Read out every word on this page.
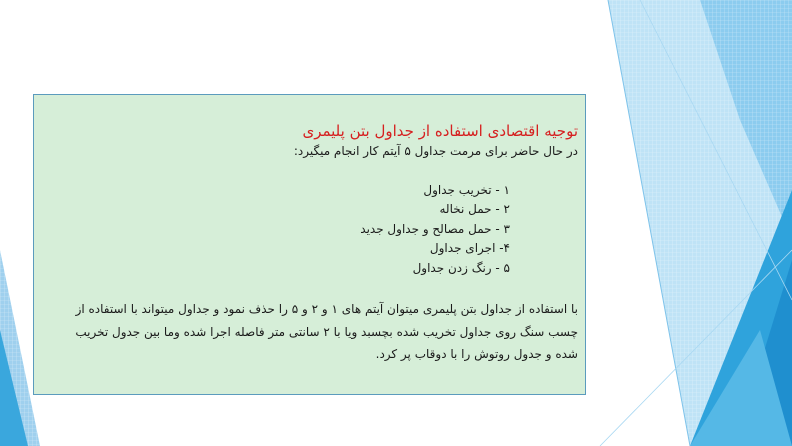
توجیه اقتصادی استفاده از جداول بتن پلیمری
در حال حاضر برای مرمت جداول ۵ آیتم کار انجام میگیرد:
۱ - تخریب جداول
۲ - حمل نخاله
۳ - حمل مصالح و جداول جدید
۴- اجرای جداول
۵ - رنگ زدن جداول
با استفاده از جداول بتن پلیمری میتوان آیتم های ۱ و ۲ و ۵ را حذف نمود و جداول میتواند با استفاده از
چسب سنگ روی جداول تخریب شده بچسبد ویا با ۲ سانتی متر فاصله اجرا شده وما بین جدول تخریب
شده و جدول روتوش را با دوقاب پر کرد.
